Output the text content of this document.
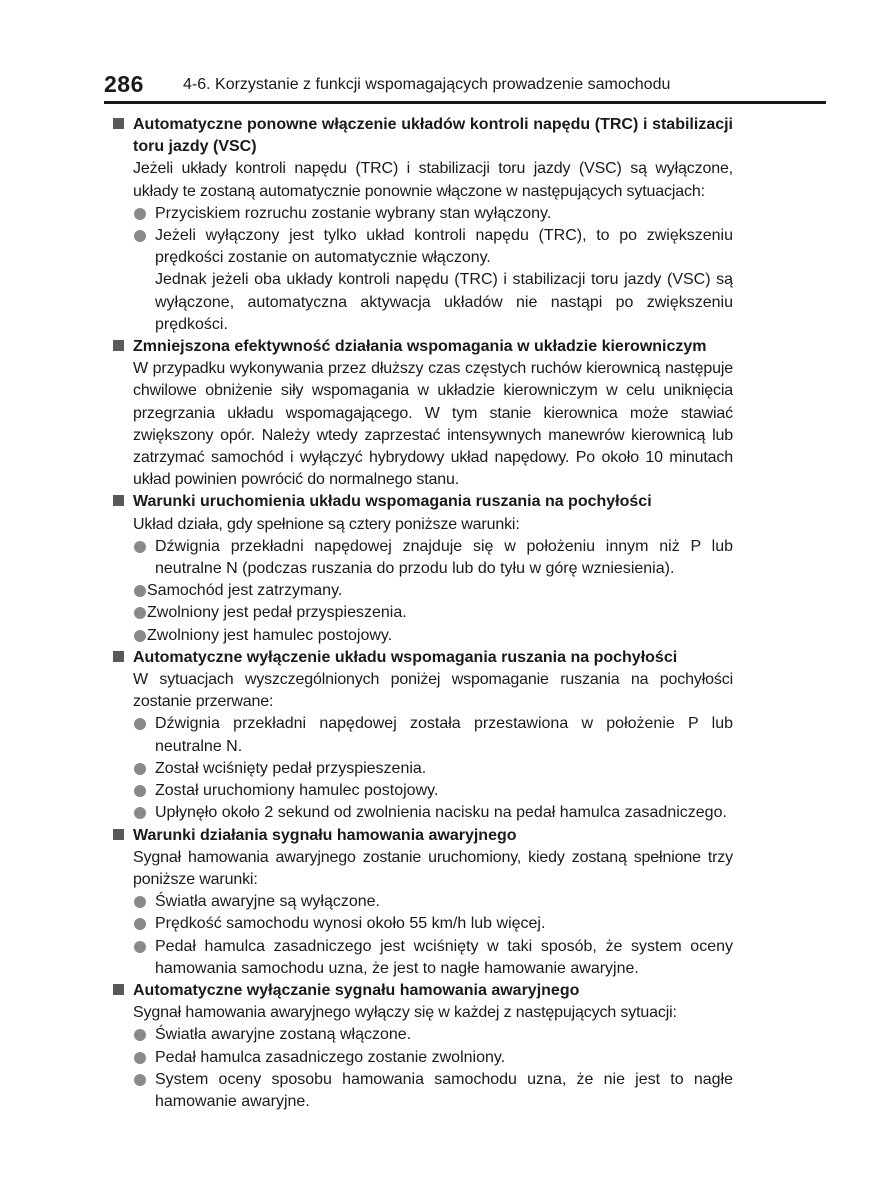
286 4-6. Korzystanie z funkcji wspomagających prowadzenie samochodu
Automatyczne ponowne włączenie układów kontroli napędu (TRC) i stabilizacji toru jazdy (VSC)
Jeżeli układy kontroli napędu (TRC) i stabilizacji toru jazdy (VSC) są wyłączone, układy te zostaną automatycznie ponownie włączone w następujących sytuacjach:
Przyciskiem rozruchu zostanie wybrany stan wyłączony.
Jeżeli wyłączony jest tylko układ kontroli napędu (TRC), to po zwiększeniu prędkości zostanie on automatycznie włączony.
Jednak jeżeli oba układy kontroli napędu (TRC) i stabilizacji toru jazdy (VSC) są wyłączone, automatyczna aktywacja układów nie nastąpi po zwiększeniu prędkości.
Zmniejszona efektywność działania wspomagania w układzie kierowniczym
W przypadku wykonywania przez dłuższy czas częstych ruchów kierownicą następuje chwilowe obniżenie siły wspomagania w układzie kierowniczym w celu uniknięcia przegrzania układu wspomagającego. W tym stanie kierownica może stawiać zwiększony opór. Należy wtedy zaprzestać intensywnych manewrów kierownicą lub zatrzymać samochód i wyłączyć hybrydowy układ napędowy. Po około 10 minutach układ powinien powrócić do normalnego stanu.
Warunki uruchomienia układu wspomagania ruszania na pochyłości
Układ działa, gdy spełnione są cztery poniższe warunki:
Dźwignia przekładni napędowej znajduje się w położeniu innym niż P lub neutralne N (podczas ruszania do przodu lub do tyłu w górę wzniesienia).
Samochód jest zatrzymany.
Zwolniony jest pedał przyspieszenia.
Zwolniony jest hamulec postojowy.
Automatyczne wyłączenie układu wspomagania ruszania na pochyłości
W sytuacjach wyszczególnionych poniżej wspomaganie ruszania na pochyłości zostanie przerwane:
Dźwignia przekładni napędowej została przestawiona w położenie P lub neutralne N.
Został wciśnięty pedał przyspieszenia.
Został uruchomiony hamulec postojowy.
Upłynęło około 2 sekund od zwolnienia nacisku na pedał hamulca zasadniczego.
Warunki działania sygnału hamowania awaryjnego
Sygnał hamowania awaryjnego zostanie uruchomiony, kiedy zostaną spełnione trzy poniższe warunki:
Światła awaryjne są wyłączone.
Prędkość samochodu wynosi około 55 km/h lub więcej.
Pedał hamulca zasadniczego jest wciśnięty w taki sposób, że system oceny hamowania samochodu uzna, że jest to nagłe hamowanie awaryjne.
Automatyczne wyłączanie sygnału hamowania awaryjnego
Sygnał hamowania awaryjnego wyłączy się w każdej z następujących sytuacji:
Światła awaryjne zostaną włączone.
Pedał hamulca zasadniczego zostanie zwolniony.
System oceny sposobu hamowania samochodu uzna, że nie jest to nagłe hamowanie awaryjne.
